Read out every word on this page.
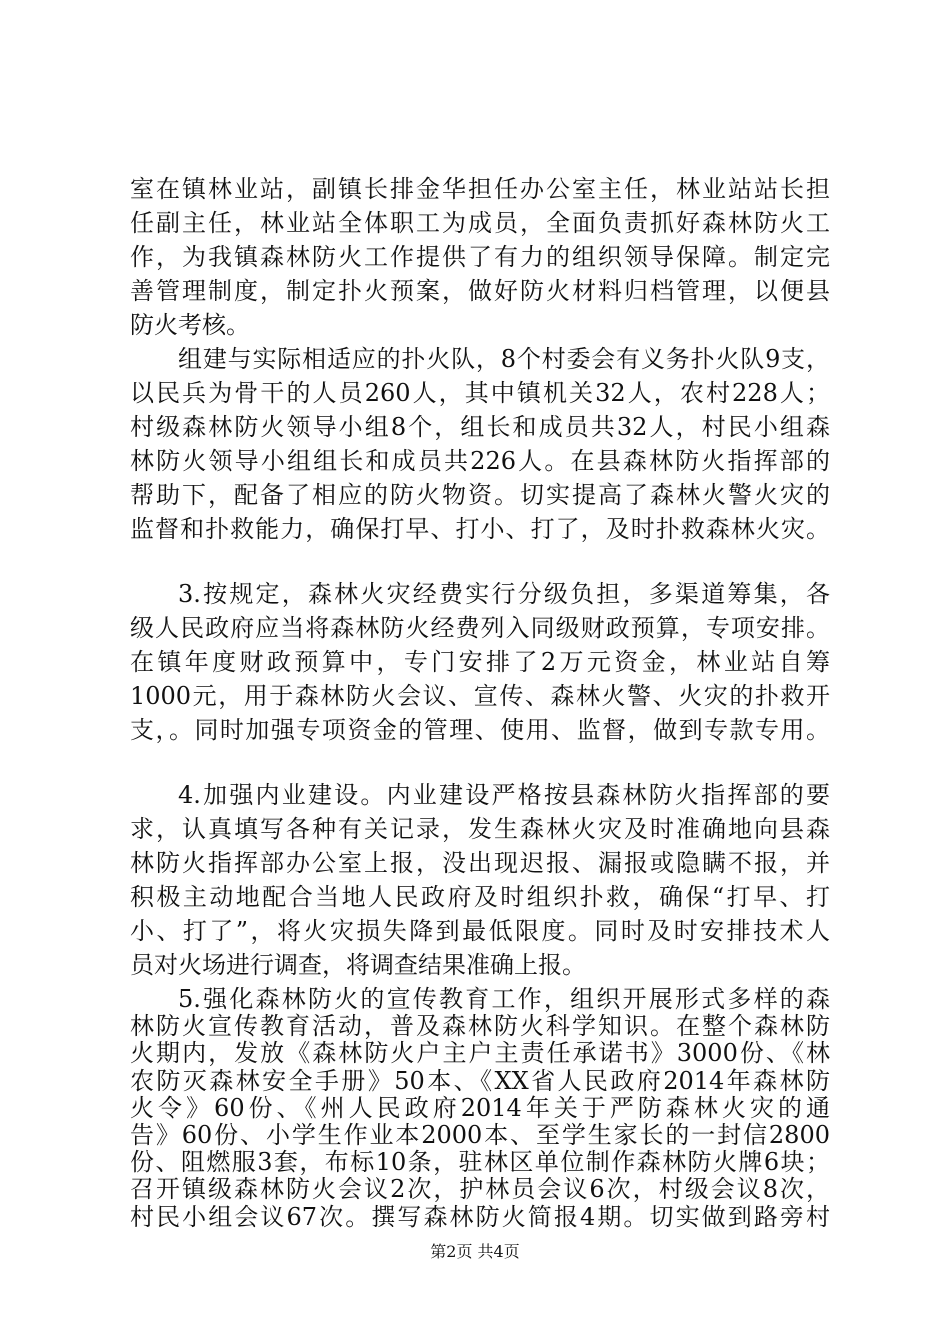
室在镇林业站，副镇长排金华担任办公室主任，林业站站长担
任副主任，林业站全体职工为成员，全面负责抓好森林防火工
作，为我镇森林防火工作提供了有力的组织领导保障。制定完
善管理制度，制定扑火预案，做好防火材料归档管理，以便县
防火考核。
组建与实际相适应的扑火队，8个村委会有义务扑火队9支，
以民兵为骨干的人员260人，其中镇机关32人，农村228人；
村级森林防火领导小组8个，组长和成员共32人，村民小组森
林防火领导小组组长和成员共226人。在县森林防火指挥部的
帮助下，配备了相应的防火物资。切实提高了森林火警火灾的
监督和扑救能力，确保打早、打小、打了，及时扑救森林火灾。
3.按规定，森林火灾经费实行分级负担，多渠道筹集，各
级人民政府应当将森林防火经费列入同级财政预算，专项安排。
在镇年度财政预算中，专门安排了2万元资金，林业站自筹
1000元，用于森林防火会议、宣传、森林火警、火灾的扑救开
支，。同时加强专项资金的管理、使用、监督，做到专款专用。
4.加强内业建设。内业建设严格按县森林防火指挥部的要
求，认真填写各种有关记录，发生森林火灾及时准确地向县森
林防火指挥部办公室上报，没出现迟报、漏报或隐瞒不报，并
积极主动地配合当地人民政府及时组织扑救，确保“打早、打
小、打了”，将火灾损失降到最低限度。同时及时安排技术人
员对火场进行调查，将调查结果准确上报。
5.强化森林防火的宣传教育工作，组织开展形式多样的森
林防火宣传教育活动，普及森林防火科学知识。在整个森林防
火期内，发放《森林防火户主户主责任承诺书》3000份、《林
农防灭森林安全手册》50本、《XX省人民政府2014年森林防
火令》60份、《州人民政府2014年关于严防森林火灾的通
告》60份、小学生作业本2000本、至学生家长的一封信2800
份、阻燃服3套，布标10条，驻林区单位制作森林防火牌6块；
召开镇级森林防火会议2次，护林员会议6次，村级会议8次，
村民小组会议67次。撰写森林防火简报4期。切实做到路旁村
第2页 共4页
